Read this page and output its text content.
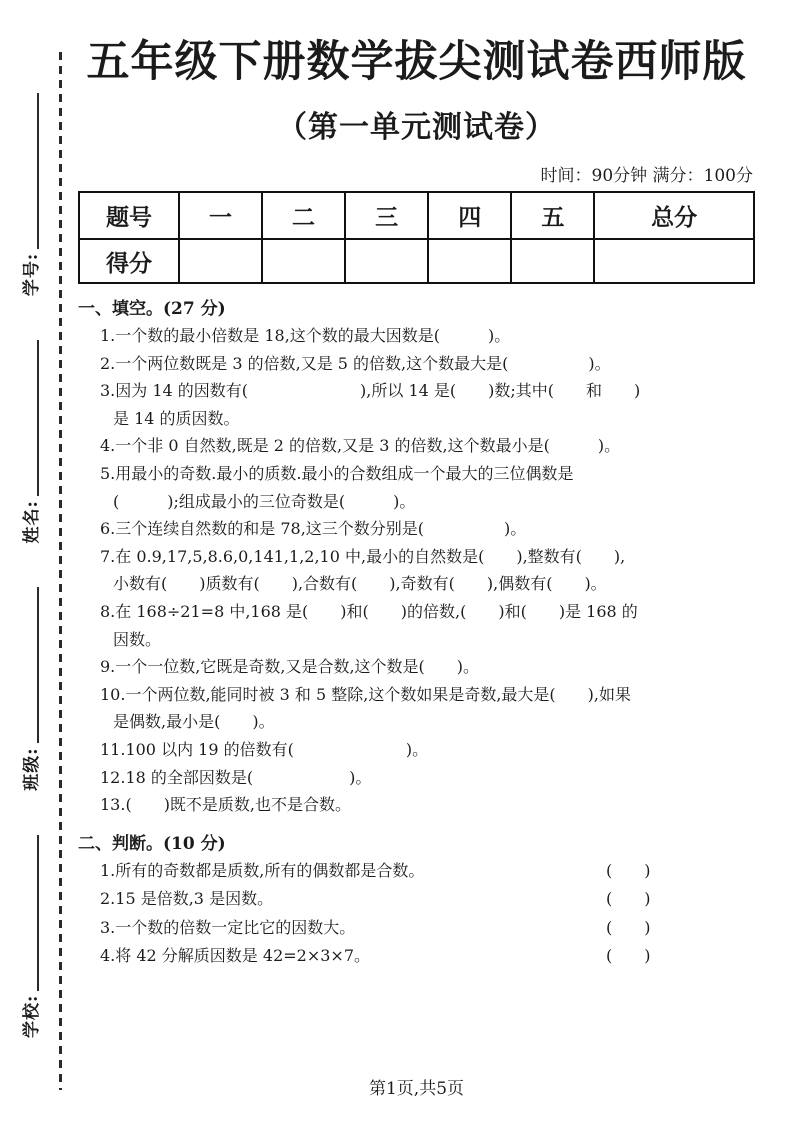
学校:
班级:
姓名:
学号:
五年级下册数学拔尖测试卷西师版
（第一单元测试卷）
时间：90分钟 满分：100分
题号	一	二	三	四	五	总分
得分						
一、填空。(27 分)
1.一个数的最小倍数是 18,这个数的最大因数是(　　　)。
2.一个两位数既是 3 的倍数,又是 5 的倍数,这个数最大是(　　　　　)。
3.因为 14 的因数有(　　　　　　　),所以 14 是(　　)数;其中(　　和　　)
是 14 的质因数。
4.一个非 0 自然数,既是 2 的倍数,又是 3 的倍数,这个数最小是(　　　)。
5.用最小的奇数.最小的质数.最小的合数组成一个最大的三位偶数是
(　　　);组成最小的三位奇数是(　　　)。
6.三个连续自然数的和是 78,这三个数分别是(　　　　　)。
7.在 0.9,17,5,8.6,0,141,1,2,10 中,最小的自然数是(　　),整数有(　　),
小数有(　　)质数有(　　),合数有(　　),奇数有(　　),偶数有(　　)。
8.在 168÷21=8 中,168 是(　　)和(　　)的倍数,(　　)和(　　)是 168 的
因数。
9.一个一位数,它既是奇数,又是合数,这个数是(　　)。
10.一个两位数,能同时被 3 和 5 整除,这个数如果是奇数,最大是(　　),如果
是偶数,最小是(　　)。
11.100 以内 19 的倍数有(　　　　　　　)。
12.18 的全部因数是(　　　　　　)。
13.(　　)既不是质数,也不是合数。
二、判断。(10 分)
1.所有的奇数都是质数,所有的偶数都是合数。	(　　)
2.15 是倍数,3 是因数。	(　　)
3.一个数的倍数一定比它的因数大。	(　　)
4.将 42 分解质因数是 42=2×3×7。	(　　)
第1页,共5页
